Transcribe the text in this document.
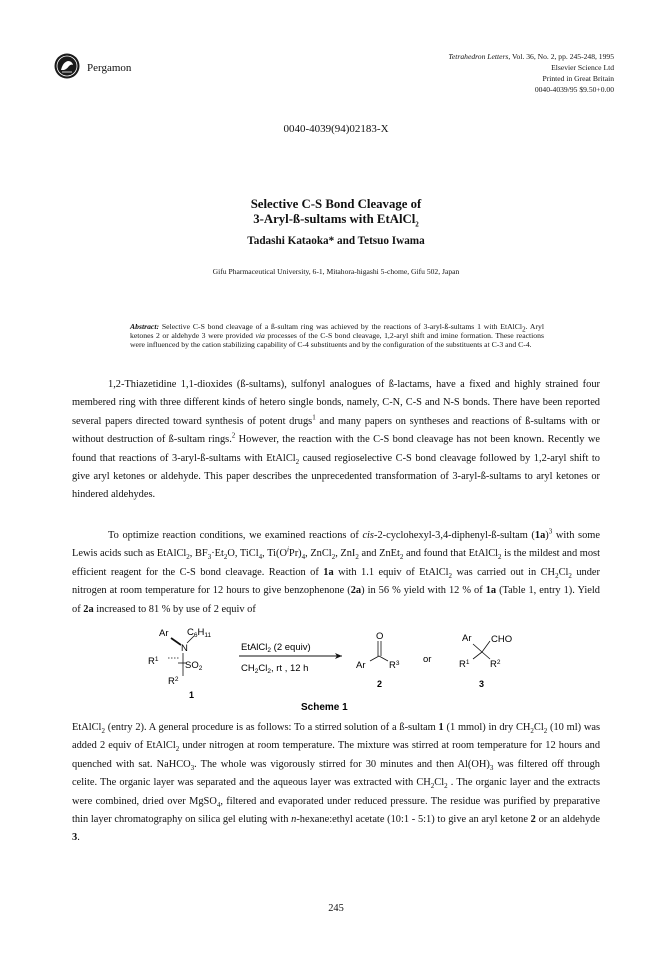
Pergamon
Tetrahedron Letters, Vol. 36, No. 2, pp. 245-248, 1995
Elsevier Science Ltd
Printed in Great Britain
0040-4039/95 $9.50+0.00
0040-4039(94)02183-X
Selective C-S Bond Cleavage of
3-Aryl-ß-sultams with EtAlCl$_2$
Tadashi Kataoka* and Tetsuo Iwama
Gifu Pharmaceutical University, 6-1, Mitahora-higashi 5-chome, Gifu 502, Japan
Abstract: Selective C-S bond cleavage of a ß-sultam ring was achieved by the reactions of 3-aryl-ß-sultams 1 with EtAlCl$_2$. Aryl ketones 2 or aldehyde 3 were provided via processes of the C-S bond cleavage, 1,2-aryl shift and imine formation. These reactions were influenced by the cation stabilizing capability of C-4 substituents and by the configuration of the substituents at C-3 and C-4.
1,2-Thiazetidine 1,1-dioxides (ß-sultams), sulfonyl analogues of ß-lactams, have a fixed and highly strained four membered ring with three different kinds of hetero single bonds, namely, C-N, C-S and N-S bonds. There have been reported several papers directed toward synthesis of potent drugs$^1$ and many papers on syntheses and reactions of ß-sultams with or without destruction of ß-sultam rings.$^2$ However, the reaction with the C-S bond cleavage has not been known. Recently we found that reactions of 3-aryl-ß-sultams with EtAlCl$_2$ caused regioselective C-S bond cleavage followed by 1,2-aryl shift to give aryl ketones or aldehyde. This paper describes the unprecedented transformation of 3-aryl-ß-sultams to aryl ketones or hindered aldehydes.
To optimize reaction conditions, we examined reactions of cis-2-cyclohexyl-3,4-diphenyl-ß-sultam $(1a)^3$ with some Lewis acids such as EtAlCl$_2$, $BF_3\cdot Et_2O$, TiCl$_4$, $Ti(O^iPr)_4$, ZnCl$_2$, ZnI$_2$ and ZnEt$_2$ and found that EtAlCl$_2$ is the mildest and most efficient reagent for the C-S bond cleavage. Reaction of 1a with 1.1 equiv of EtAlCl$_2$ was carried out in $CH_2Cl_2$ under nitrogen at room temperature for 12 hours to give benzophenone (2a) in 56 % yield with 12 % of 1a (Table 1, entry 1). Yield of 2a increased to 81 % by use of 2 equiv of
Ar $C_6H_{11}$
N
$R^1$
$SO_2$
$R^2$
1
EtAlCl$_2$ (2 equiv)
$CH_2Cl_2$, rt , 12 h
O
Ar $R^3$
2
or
Ar CHO
$R^1$ $R^2$
3
Scheme 1
EtAlCl$_2$ (entry 2). A general procedure is as follows: To a stirred solution of a ß-sultam 1 (1 mmol) in dry $CH_2Cl_2$ (10 ml) was added 2 equiv of EtAlCl$_2$ under nitrogen at room temperature. The mixture was stirred at room temperature for 12 hours and quenched with sat. NaHCO$_3$. The whole was vigorously stirred for 30 minutes and then $Al(OH)_3$ was filtered off through celite. The organic layer was separated and the aqueous layer was extracted with $CH_2Cl_2$ . The organic layer and the extracts were combined, dried over MgSO$_4$, filtered and evaporated under reduced pressure. The residue was purified by preparative thin layer chromatography on silica gel eluting with n-hexane:ethyl acetate (10:1 - 5:1) to give an aryl ketone 2 or an aldehyde 3.
245
